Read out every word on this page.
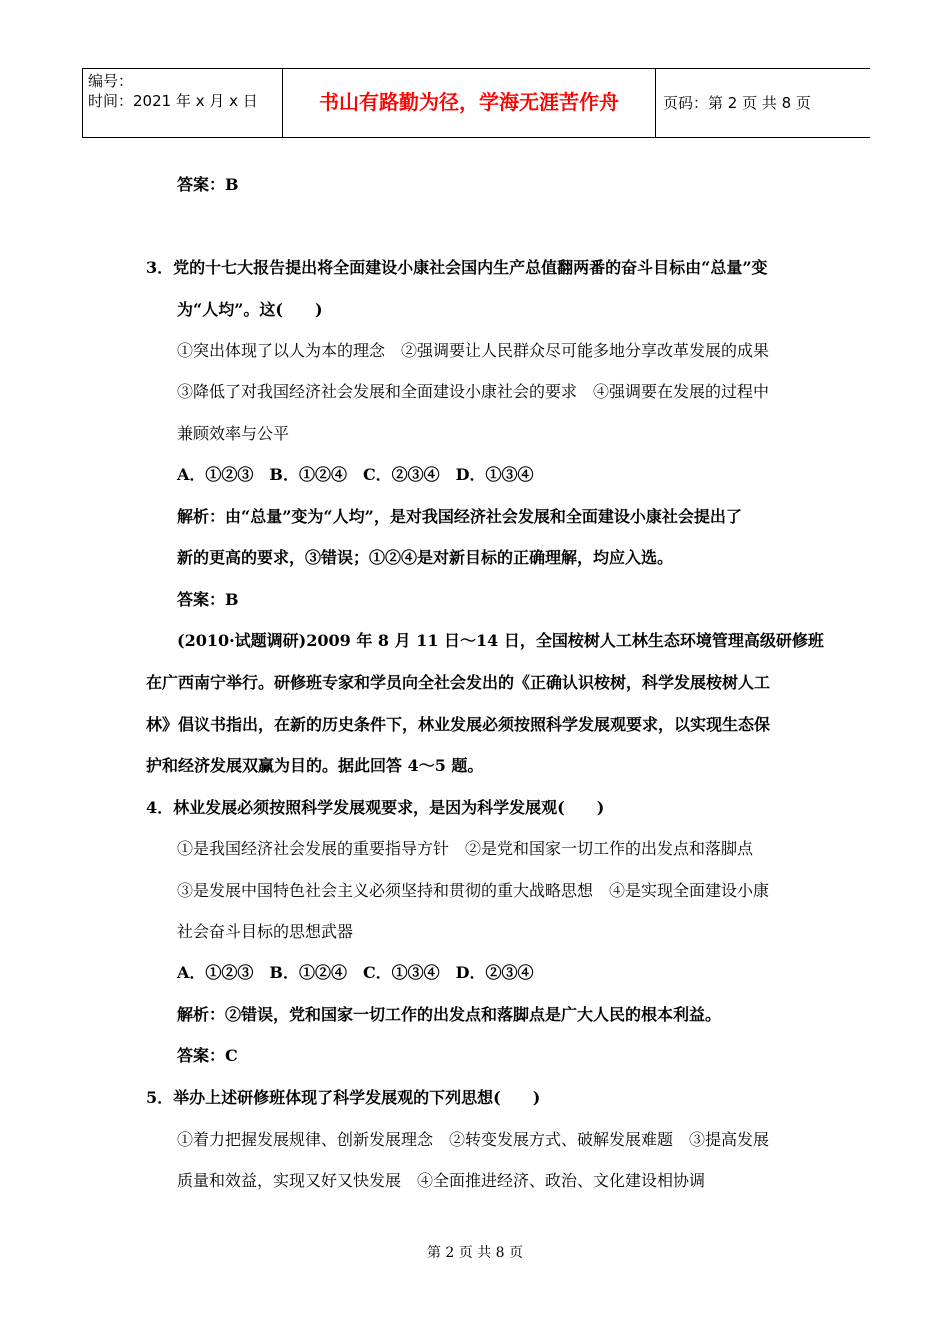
编号：
时间：2021 年 x 月 x 日	书山有路勤为径，学海无涯苦作舟	页码：第 2 页 共 8 页
答案：B
3．党的十七大报告提出将全面建设小康社会国内生产总值翻两番的奋斗目标由“总量”变
为“人均”。这(　　)
①突出体现了以人为本的理念　②强调要让人民群众尽可能多地分享改革发展的成果
③降低了对我国经济社会发展和全面建设小康社会的要求　④强调要在发展的过程中
兼顾效率与公平
A．①②③　B．①②④　C．②③④　D．①③④
解析：由“总量”变为“人均”，是对我国经济社会发展和全面建设小康社会提出了
新的更高的要求，③错误；①②④是对新目标的正确理解，均应入选。
答案：B
(2010·试题调研)2009 年 8 月 11 日～14 日，全国桉树人工林生态环境管理高级研修班
在广西南宁举行。研修班专家和学员向全社会发出的《正确认识桉树，科学发展桉树人工
林》倡议书指出，在新的历史条件下，林业发展必须按照科学发展观要求，以实现生态保
护和经济发展双赢为目的。据此回答 4～5 题。
4．林业发展必须按照科学发展观要求，是因为科学发展观(　　)
①是我国经济社会发展的重要指导方针　②是党和国家一切工作的出发点和落脚点
③是发展中国特色社会主义必须坚持和贯彻的重大战略思想　④是实现全面建设小康
社会奋斗目标的思想武器
A．①②③　B．①②④　C．①③④　D．②③④
解析：②错误，党和国家一切工作的出发点和落脚点是广大人民的根本利益。
答案：C
5．举办上述研修班体现了科学发展观的下列思想(　　)
①着力把握发展规律、创新发展理念　②转变发展方式、破解发展难题　③提高发展
质量和效益，实现又好又快发展　④全面推进经济、政治、文化建设相协调
第 2 页 共 8 页
